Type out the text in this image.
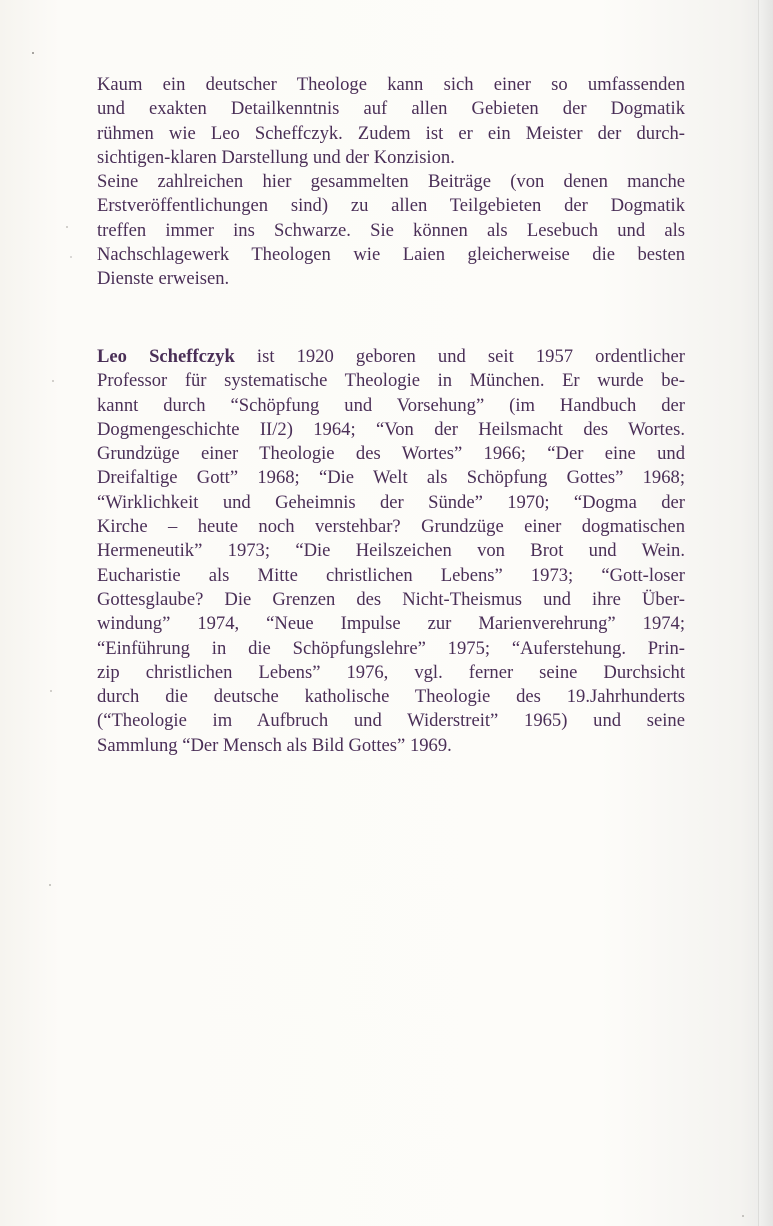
Kaum ein deutscher Theologe kann sich einer so umfassenden
und exakten Detailkenntnis auf allen Gebieten der Dogmatik
rühmen wie Leo Scheffczyk. Zudem ist er ein Meister der durch-
sichtigen-klaren Darstellung und der Konzision.
Seine zahlreichen hier gesammelten Beiträge (von denen manche
Erstveröffentlichungen sind) zu allen Teilgebieten der Dogmatik
treffen immer ins Schwarze. Sie können als Lesebuch und als
Nachschlagewerk Theologen wie Laien gleicherweise die besten
Dienste erweisen.
Leo Scheffczyk ist 1920 geboren und seit 1957 ordentlicher
Professor für systematische Theologie in München. Er wurde be-
kannt durch “Schöpfung und Vorsehung” (im Handbuch der
Dogmengeschichte II/2) 1964; “Von der Heilsmacht des Wortes.
Grundzüge einer Theologie des Wortes” 1966; “Der eine und
Dreifaltige Gott” 1968; “Die Welt als Schöpfung Gottes” 1968;
“Wirklichkeit und Geheimnis der Sünde” 1970; “Dogma der
Kirche – heute noch verstehbar? Grundzüge einer dogmatischen
Hermeneutik” 1973; “Die Heilszeichen von Brot und Wein.
Eucharistie als Mitte christlichen Lebens” 1973; “Gott-loser
Gottesglaube? Die Grenzen des Nicht-Theismus und ihre Über-
windung” 1974, “Neue Impulse zur Marienverehrung” 1974;
“Einführung in die Schöpfungslehre” 1975; “Auferstehung. Prin-
zip christlichen Lebens” 1976, vgl. ferner seine Durchsicht
durch die deutsche katholische Theologie des 19.Jahrhunderts
(“Theologie im Aufbruch und Widerstreit” 1965) und seine
Sammlung “Der Mensch als Bild Gottes” 1969.
